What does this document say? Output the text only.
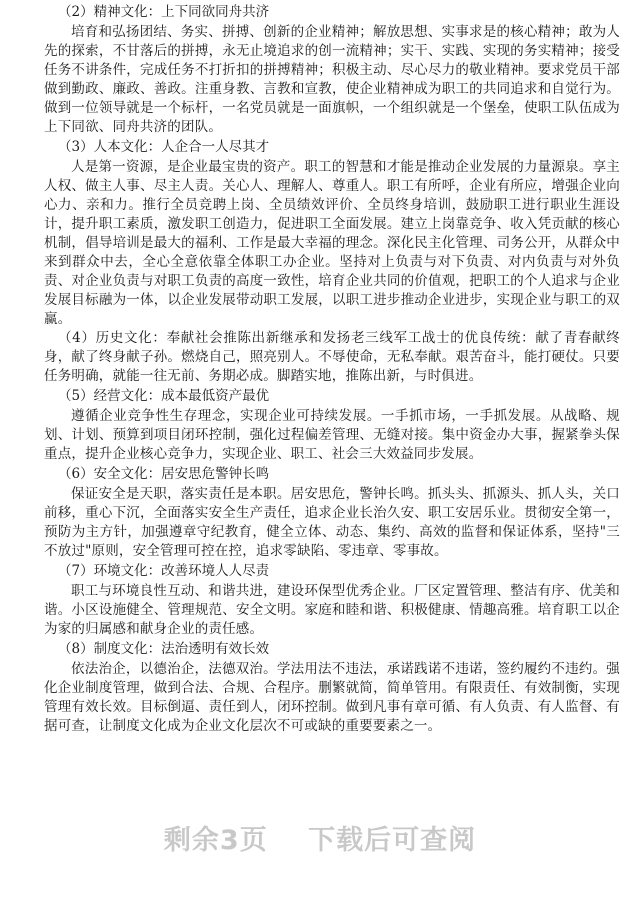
（2）精神文化：上下同欲同舟共济

培育和弘扬团结、务实、拼搏、创新的企业精神；解放思想、实事求是的核心精神；敢为人先的探索，不甘落后的拼搏，永无止境追求的创一流精神；实干、实践、实现的务实精神；接受任务不讲条件，完成任务不打折扣的拼搏精神；积极主动、尽心尽力的敬业精神。要求党员干部做到勤政、廉政、善政。注重身教、言教和宣教，使企业精神成为职工的共同追求和自觉行为。做到一位领导就是一个标杆，一名党员就是一面旗帜，一个组织就是一个堡垒，使职工队伍成为上下同欲、同舟共济的团队。

（3）人本文化：人企合一人尽其才

人是第一资源，是企业最宝贵的资产。职工的智慧和才能是推动企业发展的力量源泉。享主人权、做主人事、尽主人责。关心人、理解人、尊重人。职工有所呼，企业有所应，增强企业向心力、亲和力。推行全员竞聘上岗、全员绩效评价、全员终身培训，鼓励职工进行职业生涯设计，提升职工素质，激发职工创造力，促进职工全面发展。建立上岗靠竞争、收入凭贡献的核心机制，倡导培训是最大的福利、工作是最大幸福的理念。深化民主化管理、司务公开，从群众中来到群众中去，全心全意依靠全体职工办企业。坚持对上负责与对下负责、对内负责与对外负责、对企业负责与对职工负责的高度一致性，培育企业共同的价值观，把职工的个人追求与企业发展目标融为一体，以企业发展带动职工发展，以职工进步推动企业进步，实现企业与职工的双赢。

（4）历史文化：奉献社会推陈出新继承和发扬老三线军工战士的优良传统：献了青春献终身，献了终身献子孙。燃烧自己，照亮别人。不辱使命，无私奉献。艰苦奋斗，能打硬仗。只要任务明确，就能一往无前、务期必成。脚踏实地，推陈出新，与时俱进。

（5）经营文化：成本最低资产最优

遵循企业竞争性生存理念，实现企业可持续发展。一手抓市场，一手抓发展。从战略、规划、计划、预算到项目闭环控制，强化过程偏差管理、无缝对接。集中资金办大事，握紧拳头保重点，提升企业核心竞争力，实现企业、职工、社会三大效益同步发展。

（6）安全文化：居安思危警钟长鸣

保证安全是天职，落实责任是本职。居安思危，警钟长鸣。抓头头、抓源头、抓人头，关口前移，重心下沉，全面落实安全生产责任，追求企业长治久安、职工安居乐业。贯彻安全第一，预防为主方针，加强遵章守纪教育，健全立体、动态、集约、高效的监督和保证体系，坚持"三不放过"原则，安全管理可控在控，追求零缺陷、零违章、零事故。

（7）环境文化：改善环境人人尽责

职工与环境良性互动、和谐共进，建设环保型优秀企业。厂区定置管理、整洁有序、优美和谐。小区设施健全、管理规范、安全文明。家庭和睦和谐、积极健康、情趣高雅。培育职工以企为家的归属感和献身企业的责任感。

（8）制度文化：法治透明有效长效

依法治企，以德治企，法德双治。学法用法不违法，承诺践诺不违诺，签约履约不违约。强化企业制度管理，做到合法、合规、合程序。删繁就简，简单管用。有限责任、有效制衡，实现管理有效长效。目标倒逼、责任到人，闭环控制。做到凡事有章可循、有人负责、有人监督、有据可查，让制度文化成为企业文化层次不可或缺的重要要素之一。

剩余3页 下载后可查阅
